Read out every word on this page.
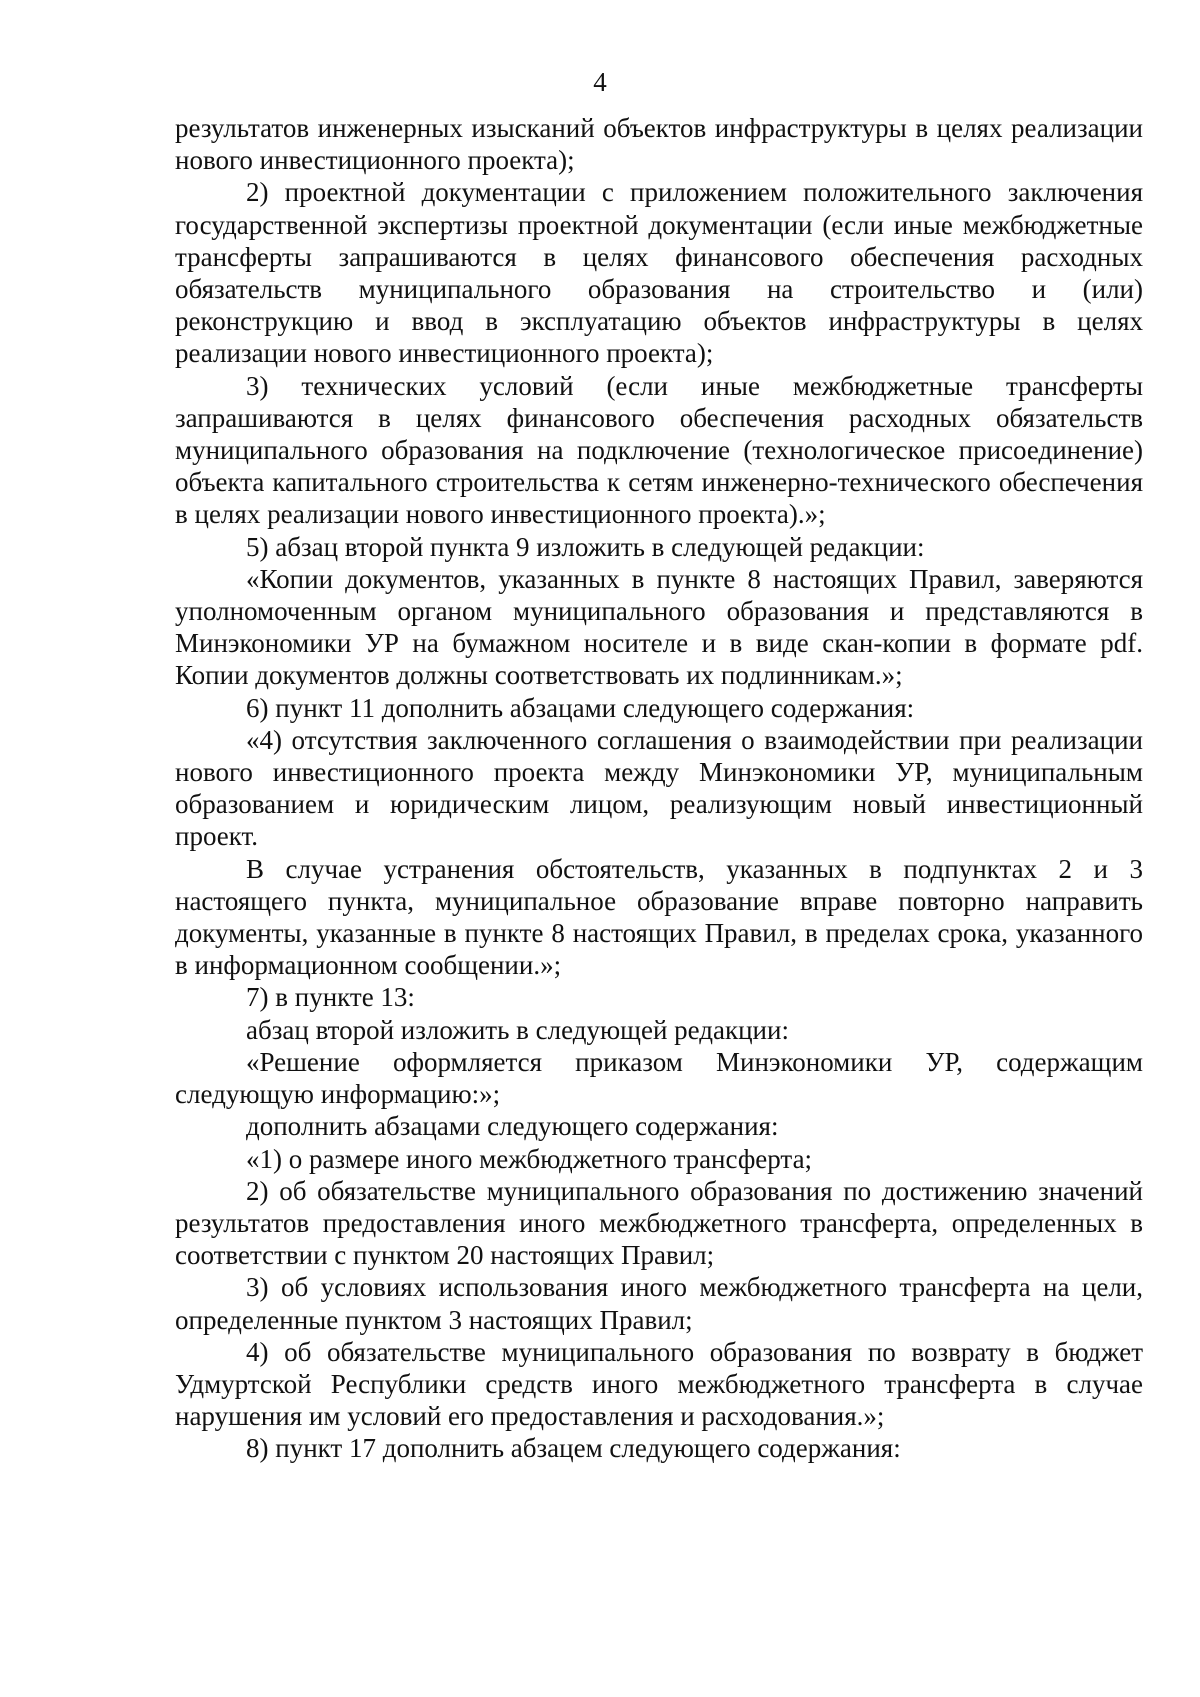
4

результатов инженерных изысканий объектов инфраструктуры в целях реализации нового инвестиционного проекта);

2) проектной документации с приложением положительного заключения государственной экспертизы проектной документации (если иные межбюджетные трансферты запрашиваются в целях финансового обеспечения расходных обязательств муниципального образования на строительство и (или) реконструкцию и ввод в эксплуатацию объектов инфраструктуры в целях реализации нового инвестиционного проекта);

3) технических условий (если иные межбюджетные трансферты запрашиваются в целях финансового обеспечения расходных обязательств муниципального образования на подключение (технологическое присоединение) объекта капитального строительства к сетям инженерно-технического обеспечения в целях реализации нового инвестиционного проекта).»;

5) абзац второй пункта 9 изложить в следующей редакции:

«Копии документов, указанных в пункте 8 настоящих Правил, заверяются уполномоченным органом муниципального образования и представляются в Минэкономики УР на бумажном носителе и в виде скан-копии в формате pdf. Копии документов должны соответствовать их подлинникам.»;

6) пункт 11 дополнить абзацами следующего содержания:

«4) отсутствия заключенного соглашения о взаимодействии при реализации нового инвестиционного проекта между Минэкономики УР, муниципальным образованием и юридическим лицом, реализующим новый инвестиционный проект.

В случае устранения обстоятельств, указанных в подпунктах 2 и 3 настоящего пункта, муниципальное образование вправе повторно направить документы, указанные в пункте 8 настоящих Правил, в пределах срока, указанного в информационном сообщении.»;

7) в пункте 13:

абзац второй изложить в следующей редакции:

«Решение оформляется приказом Минэкономики УР, содержащим следующую информацию:»;

дополнить абзацами следующего содержания:

«1) о размере иного межбюджетного трансферта;

2) об обязательстве муниципального образования по достижению значений результатов предоставления иного межбюджетного трансферта, определенных в соответствии с пунктом 20 настоящих Правил;

3) об условиях использования иного межбюджетного трансферта на цели, определенные пунктом 3 настоящих Правил;

4) об обязательстве муниципального образования по возврату в бюджет Удмуртской Республики средств иного межбюджетного трансферта в случае нарушения им условий его предоставления и расходования.»;

8) пункт 17 дополнить абзацем следующего содержания:
